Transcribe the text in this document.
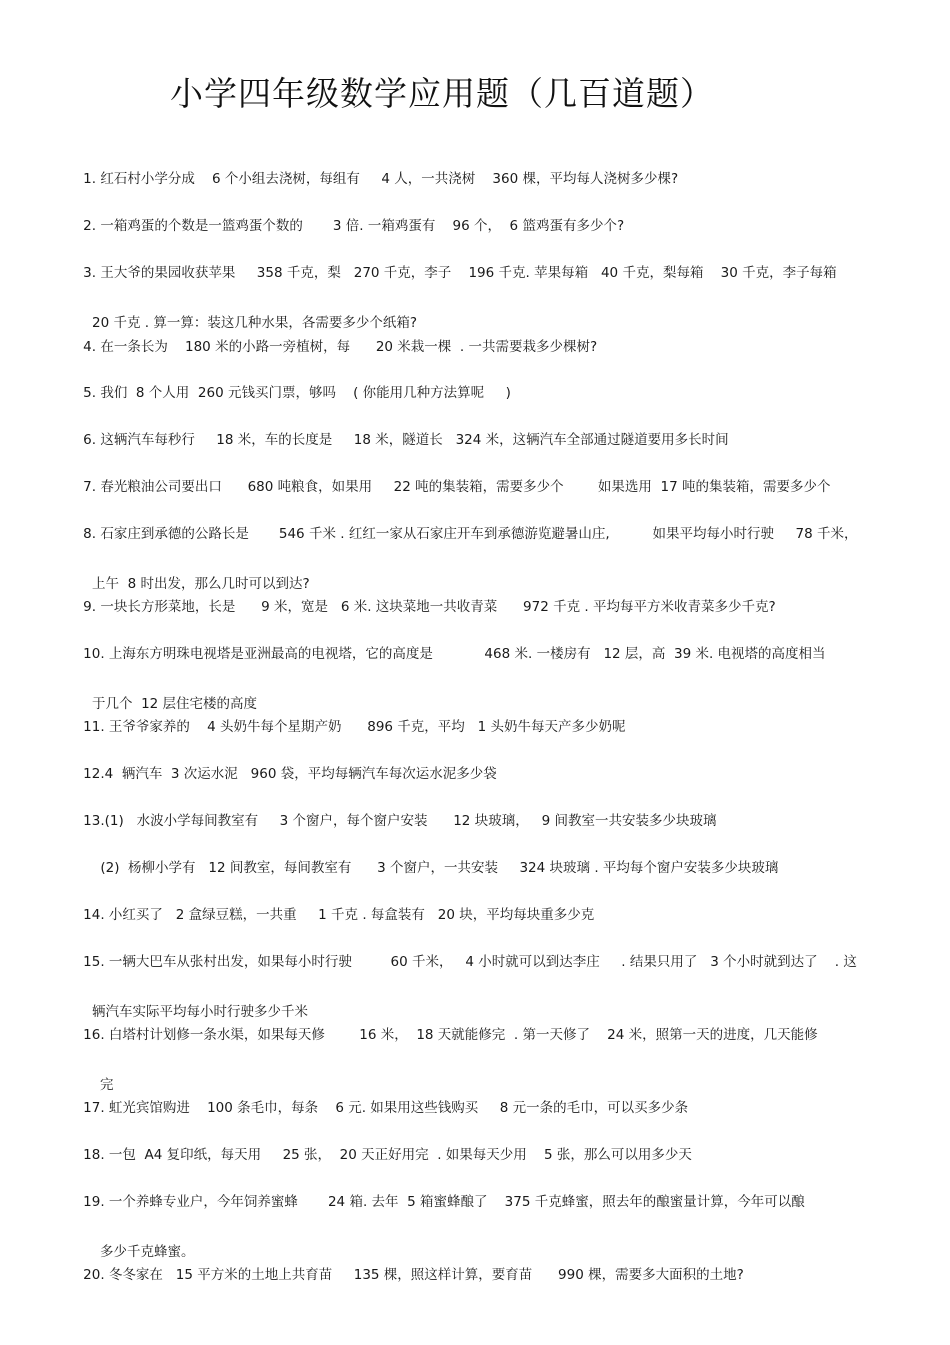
小学四年级数学应用题（几百道题）

1. 红石村小学分成    6 个小组去浇树，每组有     4 人，一共浇树    360 棵，平均每人浇树多少棵?

2. 一箱鸡蛋的个数是一篮鸡蛋个数的       3 倍. 一箱鸡蛋有    96 个，  6 篮鸡蛋有多少个?

3. 王大爷的果园收获苹果     358 千克，梨   270 千克，李子    196 千克. 苹果每箱   40 千克，梨每箱    30 千克，李子每箱

20 千克 . 算一算：装这几种水果，各需要多少个纸箱?

4. 在一条长为    180 米的小路一旁植树，每      20 米栽一棵  . 一共需要栽多少棵树?

5. 我们  8 个人用  260 元钱买门票，够吗    ( 你能用几种方法算呢     )

6. 这辆汽车每秒行     18 米，车的长度是     18 米，隧道长   324 米，这辆汽车全部通过隧道要用多长时间

7. 春光粮油公司要出口      680 吨粮食，如果用     22 吨的集装箱，需要多少个        如果选用  17 吨的集装箱，需要多少个

8. 石家庄到承德的公路长是       546 千米 . 红红一家从石家庄开车到承德游览避暑山庄,          如果平均每小时行驶     78 千米，

上午  8 时出发，那么几时可以到达?

9. 一块长方形菜地，长是      9 米，宽是   6 米. 这块菜地一共收青菜      972 千克 . 平均每平方米收青菜多少千克?

10. 上海东方明珠电视塔是亚洲最高的电视塔，它的高度是            468 米. 一楼房有   12 层，高  39 米. 电视塔的高度相当

于几个  12 层住宅楼的高度

11. 王爷爷家养的    4 头奶牛每个星期产奶      896 千克，平均   1 头奶牛每天产多少奶呢

12.4  辆汽车  3 次运水泥   960 袋，平均每辆汽车每次运水泥多少袋

13.(1)   水波小学每间教室有     3 个窗户，每个窗户安装      12 块玻璃，   9 间教室一共安装多少块玻璃

(2)  杨柳小学有   12 间教室，每间教室有      3 个窗户，一共安装     324 块玻璃 . 平均每个窗户安装多少块玻璃

14. 小红买了   2 盒绿豆糕，一共重     1 千克 . 每盒装有   20 块，平均每块重多少克

15. 一辆大巴车从张村出发，如果每小时行驶         60 千米，   4 小时就可以到达李庄     . 结果只用了   3 个小时就到达了    . 这

辆汽车实际平均每小时行驶多少千米

16. 白塔村计划修一条水渠，如果每天修        16 米，  18 天就能修完  . 第一天修了    24 米，照第一天的进度，几天能修

完

17. 虹光宾馆购进    100 条毛巾，每条    6 元. 如果用这些钱购买     8 元一条的毛巾，可以买多少条

18. 一包  A4 复印纸，每天用     25 张，  20 天正好用完  . 如果每天少用    5 张，那么可以用多少天

19. 一个养蜂专业户，今年饲养蜜蜂       24 箱. 去年  5 箱蜜蜂酿了    375 千克蜂蜜，照去年的酿蜜量计算，今年可以酿

多少千克蜂蜜。

20. 冬冬家在   15 平方米的土地上共育苗     135 棵，照这样计算，要育苗      990 棵，需要多大面积的土地?
